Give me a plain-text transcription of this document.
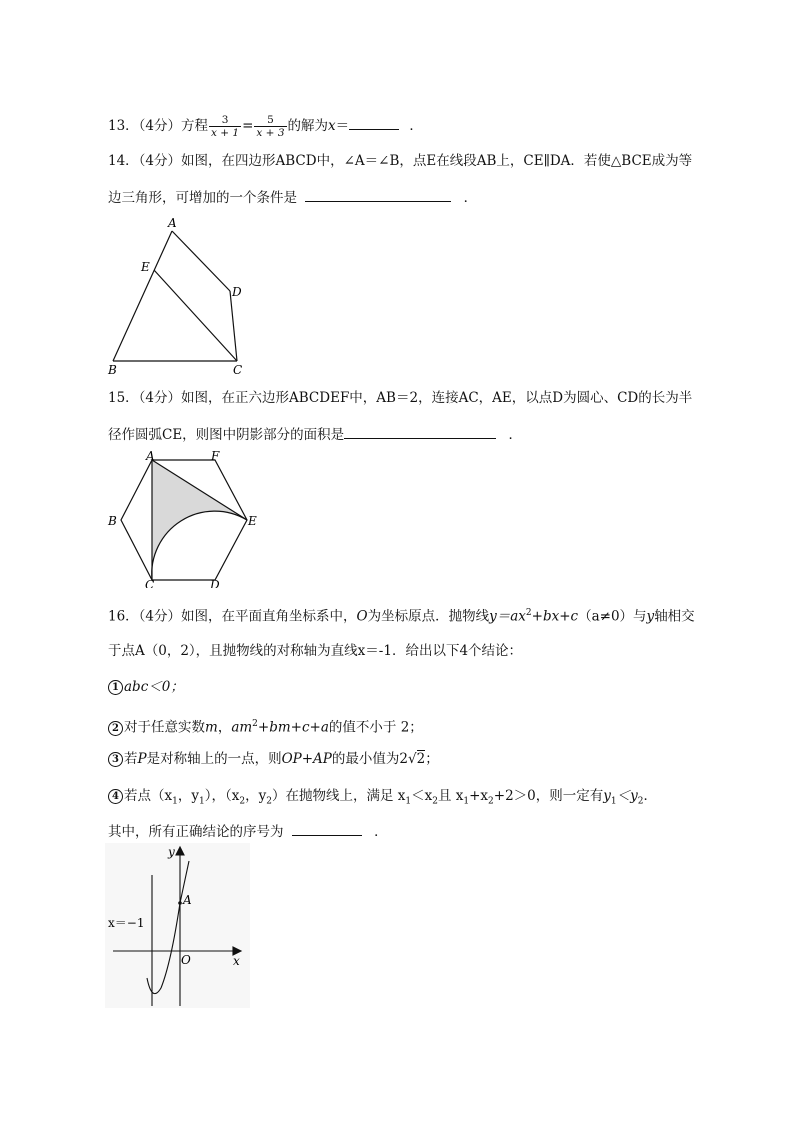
13．（4分）方程 $\frac{3}{x + 1} = \frac{5}{x + 3}$ 的解为x＝	．
14．（4分）如图，在四边形ABCD中，∠A＝∠B，点E在线段AB上，CE∥DA．若使△BCE成为等
边三角形，可增加的一个条件是	．
A
E
D
B	C
15．（4分）如图，在正六边形ABCDEF中，AB＝2，连接AC，AE，以点D为圆心、CD的长为半
径作圆弧CE，则图中阴影部分的面积是	．
A	F
B	E
C	D
16．（4分）如图，在平面直角坐标系中，O为坐标原点．抛物线$y=ax^2+bx+c(a\ne 0)$与y轴相交
于点A（0，2），且抛物线的对称轴为直线x＝-1．给出以下4个结论：
1 abc＜0；
2 对于任意实数m，$am^2+bm+c+a$的值不小于 2；
3 若P是对称轴上的一点，则OP+AP的最小值为2√2；
4 若点（$x_1$，$y_1$），（$x_2$，$y_2$）在抛物线上，满足 $x_1<x_2$且 $x_1+x_2+2>0$，则一定有$y_1<y_2$．
其中，所有正确结论的序号为	．
y
A
x＝−1
O	x
